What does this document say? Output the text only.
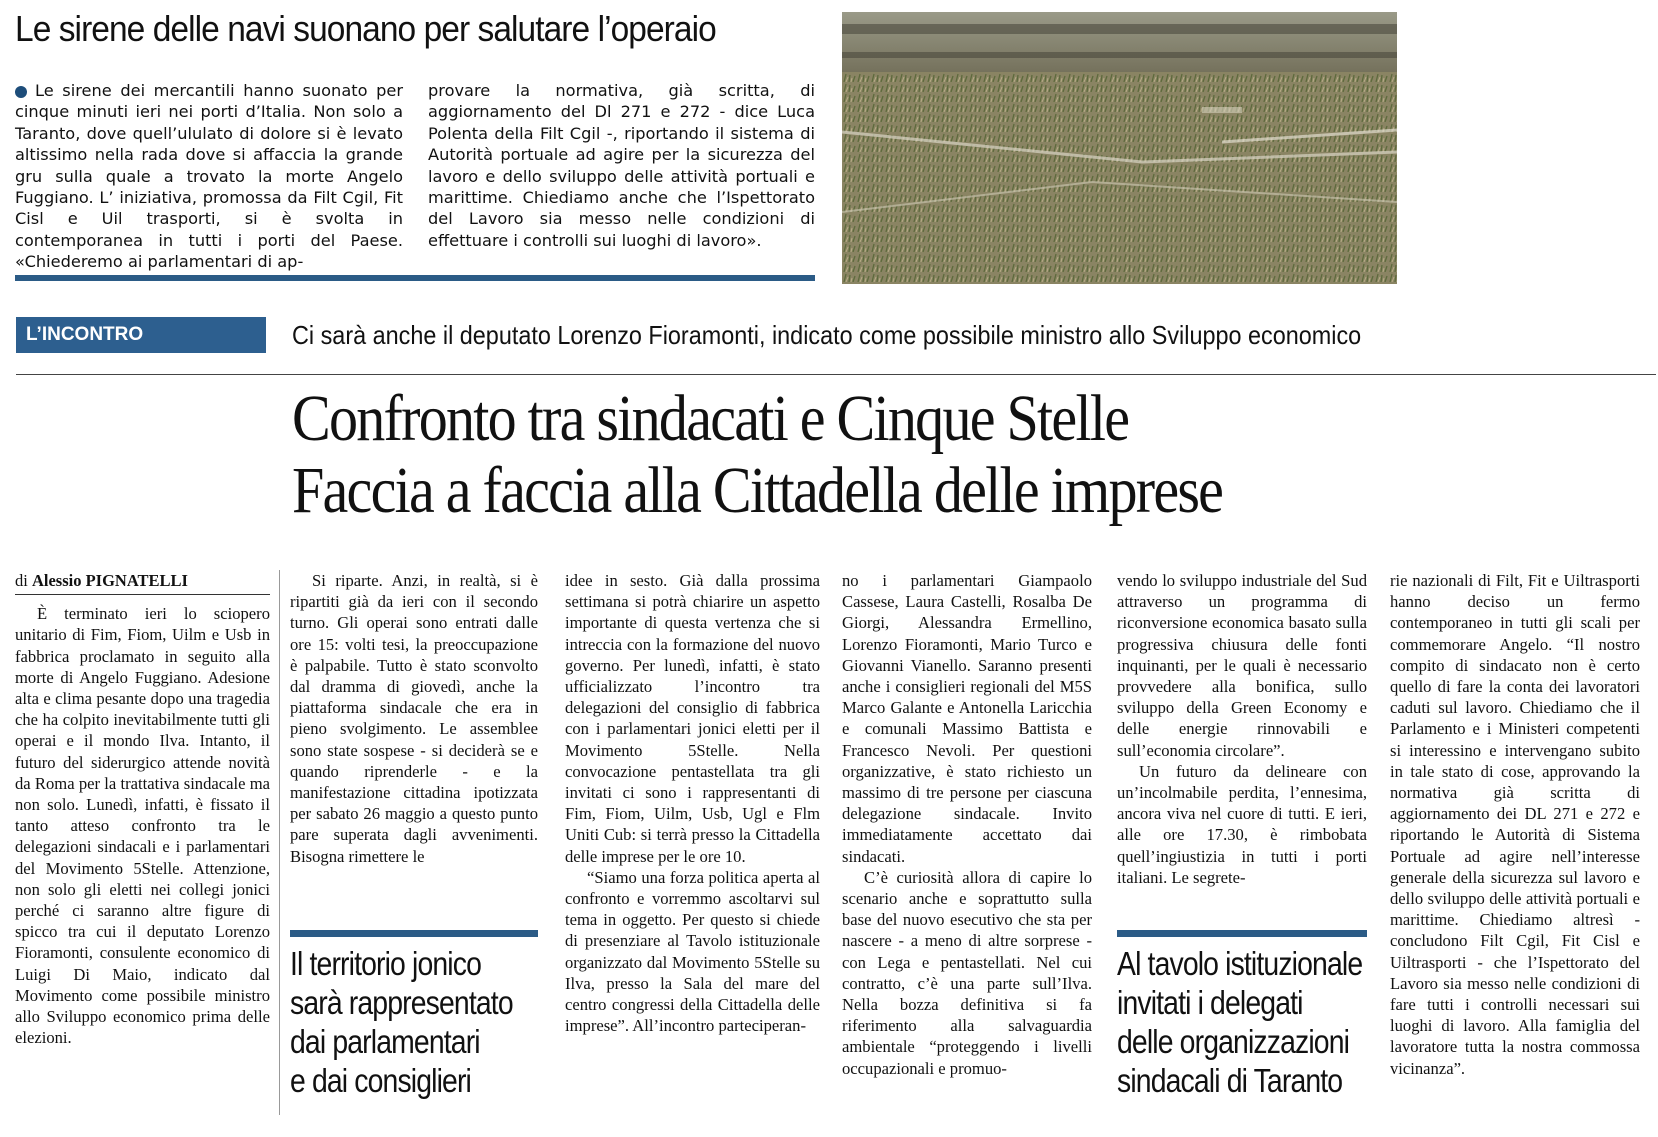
Le sirene delle navi suonano per salutare l’operaio

Le sirene dei mercantili hanno suonato per cinque minuti ieri nei porti d’Italia. Non solo a Taranto, dove quell’ululato di dolore si è levato altissimo nella rada dove si affaccia la grande gru sulla quale a trovato la morte Angelo Fuggiano. L’ iniziativa, promossa da Filt Cgil, Fit Cisl e Uil trasporti, si è svolta in contemporanea in tutti i porti del Paese. «Chiederemo ai parlamentari di ap-

provare la normativa, già scritta, di aggiornamento del Dl 271 e 272 - dice Luca Polenta della Filt Cgil -, riportando il sistema di Autorità portuale ad agire per la sicurezza del lavoro e dello sviluppo delle attività portuali e marittime. Chiediamo anche che l’Ispettorato del Lavoro sia messo nelle condizioni di effettuare i controlli sui luoghi di lavoro».

L’INCONTRO	Ci sarà anche il deputato Lorenzo Fioramonti, indicato come possibile ministro allo Sviluppo economico
Confronto tra sindacati e Cinque Stelle
Faccia a faccia alla Cittadella delle imprese
di Alessio PIGNATELLI

È terminato ieri lo sciopero unitario di Fim, Fiom, Uilm e Usb in fabbrica proclamato in seguito alla morte di Angelo Fuggiano. Adesione alta e clima pesante dopo una tragedia che ha colpito inevitabilmente tutti gli operai e il mondo Ilva. Intanto, il futuro del siderurgico attende novità da Roma per la trattativa sindacale ma non solo. Lunedì, infatti, è fissato il tanto atteso confronto tra le delegazioni sindacali e i parlamentari del Movimento 5Stelle. Attenzione, non solo gli eletti nei collegi jonici perché ci saranno altre figure di spicco tra cui il deputato Lorenzo Fioramonti, consulente economico di Luigi Di Maio, indicato dal Movimento come possibile ministro allo Sviluppo economico prima delle elezioni.

Si riparte. Anzi, in realtà, si è ripartiti già da ieri con il secondo turno. Gli operai sono entrati dalle ore 15: volti tesi, la preoccupazione è palpabile. Tutto è stato sconvolto dal dramma di giovedì, anche la piattaforma sindacale che era in pieno svolgimento. Le assemblee sono state sospese - si deciderà se e quando riprenderle - e la manifestazione cittadina ipotizzata per sabato 26 maggio a questo punto pare superata dagli avvenimenti. Bisogna rimettere le

Il territorio jonico
sarà rappresentato
dai parlamentari
e dai consiglieri

idee in sesto. Già dalla prossima settimana si potrà chiarire un aspetto importante di questa vertenza che si intreccia con la formazione del nuovo governo. Per lunedì, infatti, è stato ufficializzato l’incontro tra delegazioni del consiglio di fabbrica con i parlamentari jonici eletti per il Movimento 5Stelle. Nella convocazione pentastellata tra gli invitati ci sono i rappresentanti di Fim, Fiom, Uilm, Usb, Ugl e Flm Uniti Cub: si terrà presso la Cittadella delle imprese per le ore 10.

“Siamo una forza politica aperta al confronto e vorremmo ascoltarvi sul tema in oggetto. Per questo si chiede di presenziare al Tavolo istituzionale organizzato dal Movimento 5Stelle su Ilva, presso la Sala del mare del centro congressi della Cittadella delle imprese”. All’incontro parteciperan-

no i parlamentari Giampaolo Cassese, Laura Castelli, Rosalba De Giorgi, Alessandra Ermellino, Lorenzo Fioramonti, Mario Turco e Giovanni Vianello. Saranno presenti anche i consiglieri regionali del M5S Marco Galante e Antonella Laricchia e comunali Massimo Battista e Francesco Nevoli. Per questioni organizzative, è stato richiesto un massimo di tre persone per ciascuna delegazione sindacale. Invito immediatamente accettato dai sindacati.

C’è curiosità allora di capire lo scenario anche e soprattutto sulla base del nuovo esecutivo che sta per nascere - a meno di altre sorprese - con Lega e pentastellati. Nel cui contratto, c’è una parte sull’Ilva. Nella bozza definitiva si fa riferimento alla salvaguardia ambientale “proteggendo i livelli occupazionali e promuo-

vendo lo sviluppo industriale del Sud attraverso un programma di riconversione economica basato sulla progressiva chiusura delle fonti inquinanti, per le quali è necessario provvedere alla bonifica, sullo sviluppo della Green Economy e delle energie rinnovabili e sull’economia circolare”.

Un futuro da delineare con un’incolmabile perdita, l’ennesima, ancora viva nel cuore di tutti. E ieri, alle ore 17.30, è rimbobata quell’ingiustizia in tutti i porti italiani. Le segrete-

Al tavolo istituzionale
invitati i delegati
delle organizzazioni
sindacali di Taranto

rie nazionali di Filt, Fit e Uiltrasporti hanno deciso un fermo contemporaneo in tutti gli scali per commemorare Angelo. “Il nostro compito di sindacato non è certo quello di fare la conta dei lavoratori caduti sul lavoro. Chiediamo che il Parlamento e i Ministeri competenti si interessino e intervengano subito in tale stato di cose, approvando la normativa già scritta di aggiornamento dei DL 271 e 272 e riportando le Autorità di Sistema Portuale ad agire nell’interesse generale della sicurezza sul lavoro e dello sviluppo delle attività portuali e marittime. Chiediamo altresì - concludono Filt Cgil, Fit Cisl e Uiltrasporti - che l’Ispettorato del Lavoro sia messo nelle condizioni di fare tutti i controlli necessari sui luoghi di lavoro. Alla famiglia del lavoratore tutta la nostra commossa vicinanza”.
